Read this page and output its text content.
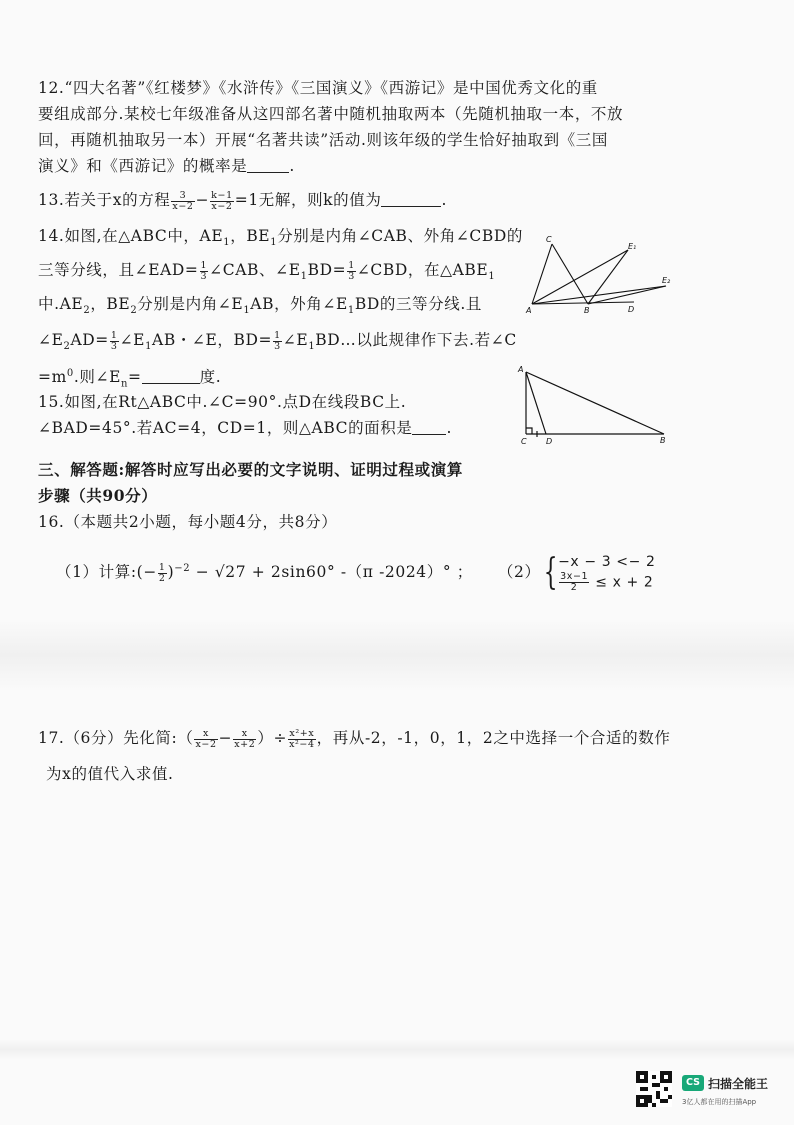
12.“四大名著”《红楼梦》《水浒传》《三国演义》《西游记》是中国优秀文化的重
要组成部分.某校七年级准备从这四部名著中随机抽取两本（先随机抽取一本，不放
回，再随机抽取另一本）开展“名著共读”活动.则该年级的学生恰好抽取到《三国
演义》和《西游记》的概率是	.
13.若关于x的方程 $\frac{3}{x-2} - \frac{k-1}{x-2} =1$无解，则k的值为	.
14.如图,在△ABC中，$AE_1$，$BE_1$分别是内角∠CAB、外角∠CBD的
三等分线，且∠EAD= $\frac{1}{3}$ ∠CAB、$\angle E_1BD= \frac{1}{3}$ ∠CBD，在$\triangle ABE_1$
中$.AE_2$，$BE_2$分别是内角$\angle E_1AB$，外角$\angle E_1BD$的三等分线.且
$\angle E_2AD= \frac{1}{3}$ $\angle E_1AB$・∠E，$BD= \frac{1}{3}$ $\angle E_1BD\dots$以此规律作下去.若∠C
$=m^0$.则$\angle E_n=$	度.
C
E₁
E₂
A	B	D
15.如图,在Rt△ABC中.∠C=90°.点D在线段BC上.
∠BAD=45°.若AC=4，CD=1，则△ABC的面积是 .
A
C D	B
三、解答题:解答时应写出必要的文字说明、证明过程或演算
步骤（共90分）
16.（本题共2小题，每小题4分，共8分）
（1）计算:(− $\frac{1}{2} )^{-2} - √27 + 2\sin 60^\circ$ -（π -2024）° ； （2）{ −x − 3 <− 2
$\frac{3x-1}{2} \le x + 2$
17.（6分）先化简:（ $\frac{x}{x-2} - \frac{x}{x+2}$ ）÷ $\frac{\text{x²+x}}{\text{x²−4}}$ ，再从-2，-1，0，1，2之中选择一个合适的数作
为x的值代入求值.
CS 扫描全能王
3亿人都在用的扫描App
